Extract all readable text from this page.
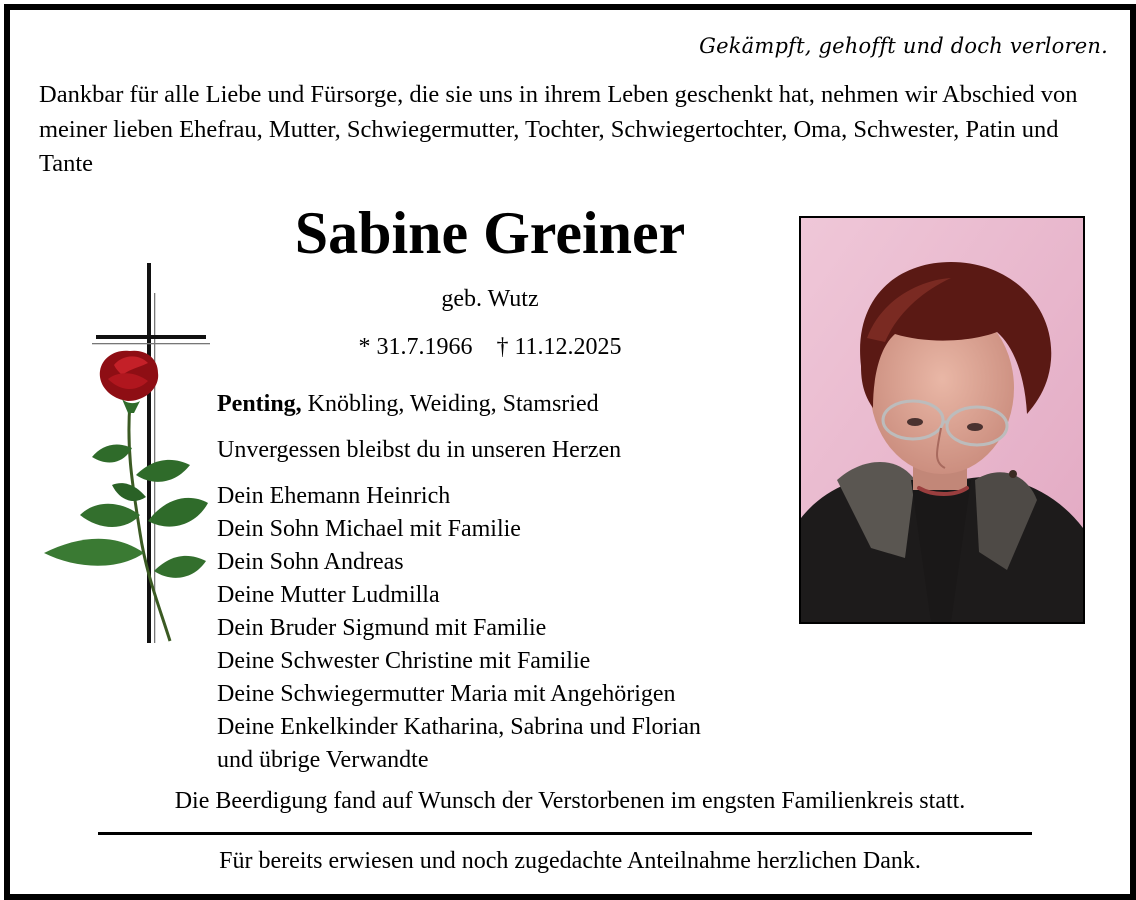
Gekämpft, gehofft und doch verloren.
Dankbar für alle Liebe und Fürsorge, die sie uns in ihrem Leben geschenkt hat, nehmen wir Abschied von meiner lieben Ehefrau, Mutter, Schwiegermutter, Tochter, Schwiegertochter, Oma, Schwester, Patin und Tante
Sabine Greiner
geb. Wutz
* 31.7.1966 † 11.12.2025
Penting, Knöbling, Weiding, Stamsried
Unvergessen bleibst du in unseren Herzen
Dein Ehemann Heinrich
Dein Sohn Michael mit Familie
Dein Sohn Andreas
Deine Mutter Ludmilla
Dein Bruder Sigmund mit Familie
Deine Schwester Christine mit Familie
Deine Schwiegermutter Maria mit Angehörigen
Deine Enkelkinder Katharina, Sabrina und Florian
und übrige Verwandte
Die Beerdigung fand auf Wunsch der Verstorbenen im engsten Familienkreis statt.
Für bereits erwiesen und noch zugedachte Anteilnahme herzlichen Dank.
